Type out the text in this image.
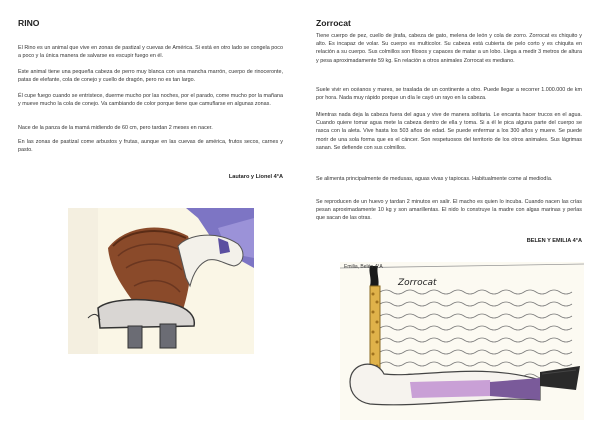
RINO

El Rino es un animal que vive en zonas de pastizal y cuevas de América. Si está en otro lado se congela poco a poco y la única manera de salvarse es escupir fuego en él.

Este animal tiene una pequeña cabeza de perro muy blanca con una mancha marrón, cuerpo de rinoceronte, patas de elefante, cola de conejo y cuello de dragón, pero no es tan largo.

Él cupe fuego cuando se entristece, duerme mucho por las noches, por el parado, come mucho por la mañana y mueve mucho la cola de conejo. Va cambiando de color porque tiene que camuflarse en algunas zonas.

Nace de la panza de la mamá midiendo de 60 cm, pero tardan 2 meses en nacer.

En las zonas de pastizal come arbustos y frutas, aunque en las cuevas de américa, frutos secos, carnes y pasto.

Lautaro y Lionel 4°A

Zorrocat

Tiene cuerpo de pez, cuello de jirafa, cabeza de gato, melena de león y cola de zorro. Zorrocat es chiquito y alto. Es incapaz de volar. Su cuerpo es multicolor. Su cabeza está cubierta de pelo corto y es chiquita en relación a su cuerpo. Sus colmillos son filosos y capaces de matar a un lobo. Llega a medir 3 metros de altura y pesa aproximadamente 59 kg. En relación a otros animales Zorrocat es mediano.

Suele vivir en océanos y mares, se traslada de un continente a otro. Puede llegar a recorrer 1.000.000 de km por hora. Nada muy rápido porque un día le cayó un rayo en la cabeza.

Mientras nada deja la cabeza fuera del agua y vive de manera solitaria. Le encanta hacer trucos en el agua. Cuando quiere tomar agua mete la cabeza dentro de ella y toma. Si a él le pica alguna parte del cuerpo se rasca con la aleta. Vive hasta los 503 años de edad. Se puede enfermar a los 300 años y muere. Se puede morir de una sola forma que es el cáncer. Son respetuosos del territorio de los otros animales. Sus lágrimas sanan. Se defiende con sus colmillos.

Se alimenta principalmente de medusas, aguas vivas y tapiocas. Habitualmente come al mediodía.

Se reproducen de un huevo y tardan 2 minutos en salir. El macho es quien lo incuba. Cuando nacen las crías pesan aproximadamente 10 kg y son amarillentas. El nido lo construye la madre con algas marinas y perlas que sacan de las otras.

BELEN Y EMILIA 4°A

Emilia, Belén 4°A
Zorrocat
